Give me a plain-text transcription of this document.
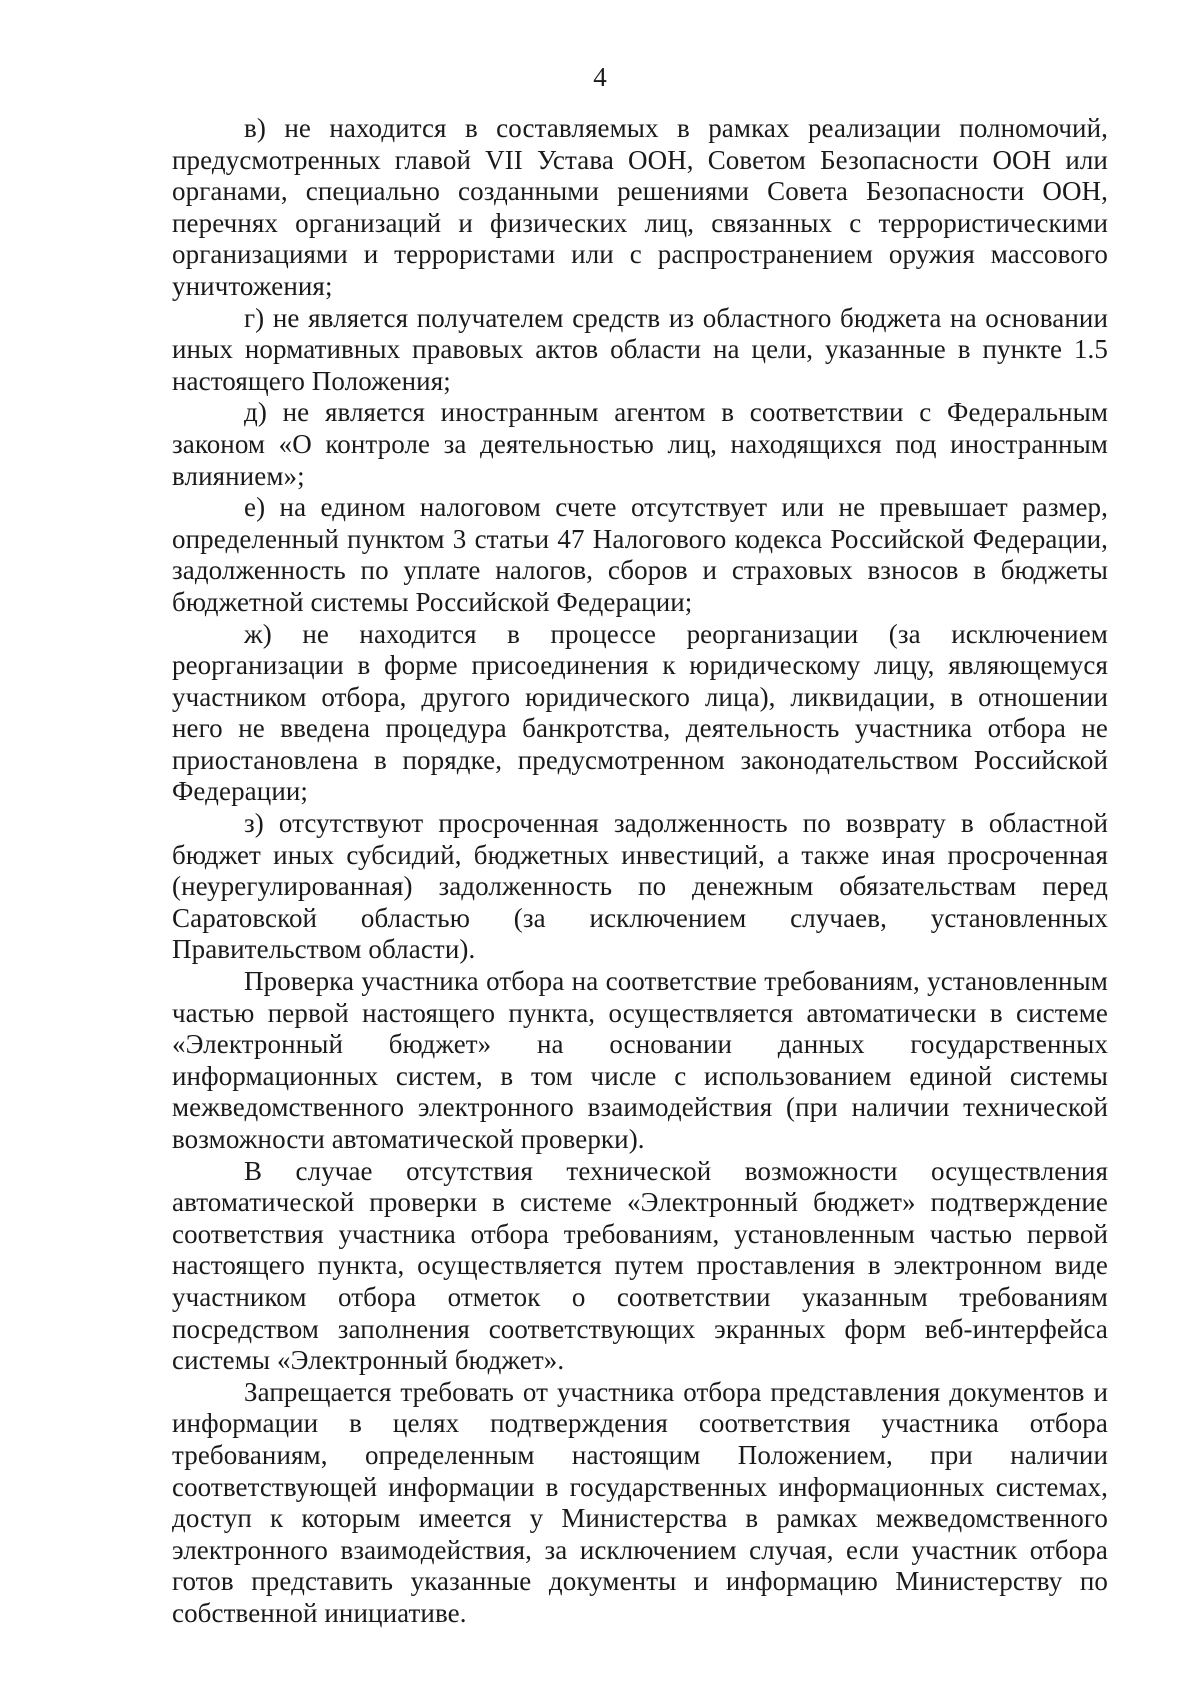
4

в) не находится в составляемых в рамках реализации полномочий, предусмотренных главой VII Устава ООН, Советом Безопасности ООН или органами, специально созданными решениями Совета Безопасности ООН, перечнях организаций и физических лиц, связанных с террористическими организациями и террористами или с распространением оружия массового уничтожения;

г) не является получателем средств из областного бюджета на основании иных нормативных правовых актов области на цели, указанные в пункте 1.5 настоящего Положения;

д) не является иностранным агентом в соответствии с Федеральным законом «О контроле за деятельностью лиц, находящихся под иностранным влиянием»;

е) на едином налоговом счете отсутствует или не превышает размер, определенный пунктом 3 статьи 47 Налогового кодекса Российской Федерации, задолженность по уплате налогов, сборов и страховых взносов в бюджеты бюджетной системы Российской Федерации;

ж) не находится в процессе реорганизации (за исключением реорганизации в форме присоединения к юридическому лицу, являющемуся участником отбора, другого юридического лица), ликвидации, в отношении него не введена процедура банкротства, деятельность участника отбора не приостановлена в порядке, предусмотренном законодательством Российской Федерации;

з) отсутствуют просроченная задолженность по возврату в областной бюджет иных субсидий, бюджетных инвестиций, а также иная просроченная (неурегулированная) задолженность по денежным обязательствам перед Саратовской областью (за исключением случаев, установленных Правительством области).

Проверка участника отбора на соответствие требованиям, установленным частью первой настоящего пункта, осуществляется автоматически в системе «Электронный бюджет» на основании данных государственных информационных систем, в том числе с использованием единой системы межведомственного электронного взаимодействия (при наличии технической возможности автоматической проверки).

В случае отсутствия технической возможности осуществления автоматической проверки в системе «Электронный бюджет» подтверждение соответствия участника отбора требованиям, установленным частью первой настоящего пункта, осуществляется путем проставления в электронном виде участником отбора отметок о соответствии указанным требованиям посредством заполнения соответствующих экранных форм веб-интерфейса системы «Электронный бюджет».

Запрещается требовать от участника отбора представления документов и информации в целях подтверждения соответствия участника отбора требованиям, определенным настоящим Положением, при наличии соответствующей информации в государственных информационных системах, доступ к которым имеется у Министерства в рамках межведомственного электронного взаимодействия, за исключением случая, если участник отбора готов представить указанные документы и информацию Министерству по собственной инициативе.
